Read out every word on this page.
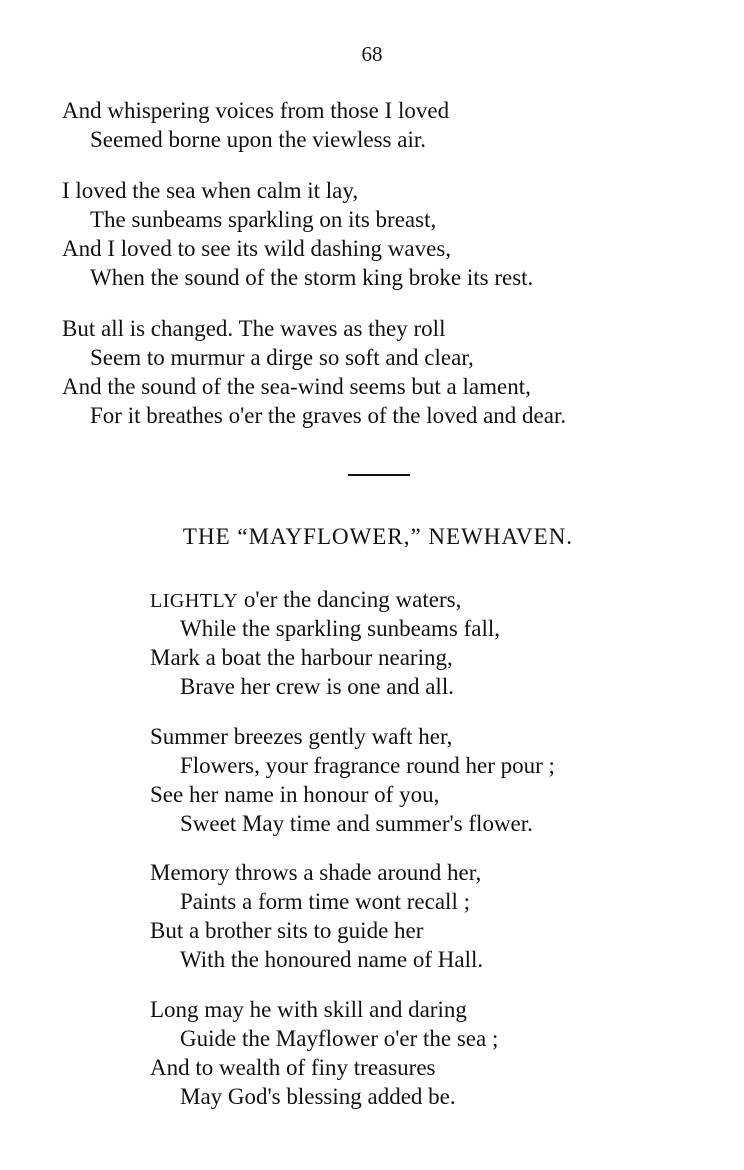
68
And whispering voices from those I loved
Seemed borne upon the viewless air.
I loved the sea when calm it lay,
The sunbeams sparkling on its breast,
And I loved to see its wild dashing waves,
When the sound of the storm king broke its rest.
But all is changed. The waves as they roll
Seem to murmur a dirge so soft and clear,
And the sound of the sea-wind seems but a lament,
For it breathes o'er the graves of the loved and dear.
THE “MAYFLOWER,” NEWHAVEN.
LIGHTLY o'er the dancing waters,
While the sparkling sunbeams fall,
Mark a boat the harbour nearing,
Brave her crew is one and all.
Summer breezes gently waft her,
Flowers, your fragrance round her pour ;
See her name in honour of you,
Sweet May time and summer's flower.
Memory throws a shade around her,
Paints a form time wont recall ;
But a brother sits to guide her
With the honoured name of Hall.
Long may he with skill and daring
Guide the Mayflower o'er the sea ;
And to wealth of finy treasures
May God's blessing added be.
